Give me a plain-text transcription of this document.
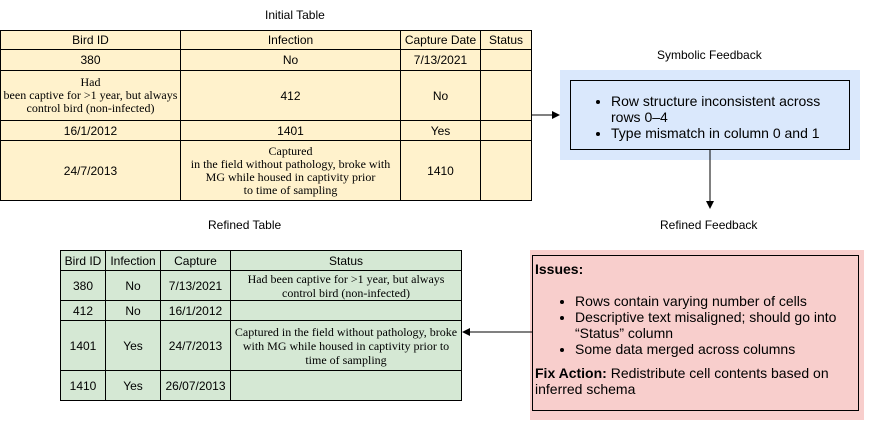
Initial Table
Bird ID	Infection	Capture Date	Status
380	No	7/13/2021	
Had
been captive for >1 year, but always
control bird (non-infected)	412	No	
16/1/2012	1401	Yes	
24/7/2013	Captured
in the field without pathology, broke with
MG while housed in captivity prior
to time of sampling	1410	
Symbolic Feedback
• Row structure inconsistent across rows 0–4
• Type mismatch in column 0 and 1
Refined Feedback
Issues:
• Rows contain varying number of cells
• Descriptive text misaligned; should go into “Status” column
• Some data merged across columns

Fix Action: Redistribute cell contents based on inferred schema

Refined Table
Bird ID	Infection	Capture	Status
380	No	7/13/2021	Had been captive for >1 year, but always control bird (non-infected)
412	No	16/1/2012	
1401	Yes	24/7/2013	Captured in the field without pathology, broke with MG while housed in captivity prior to time of sampling
1410	Yes	26/07/2013	
